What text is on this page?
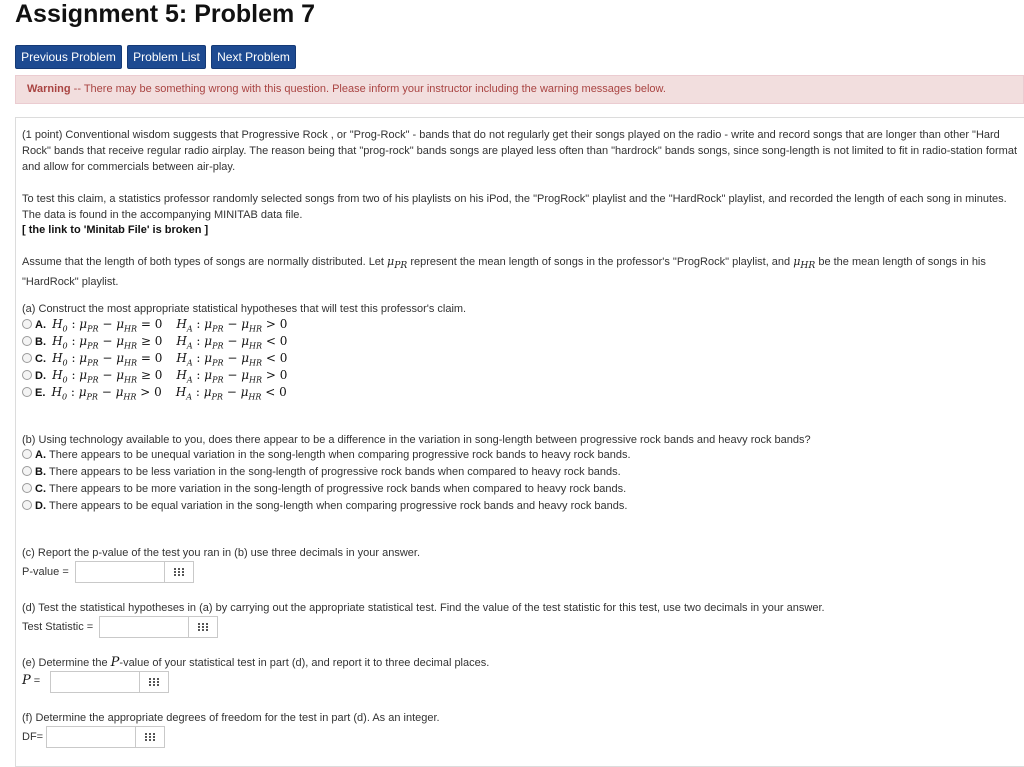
Assignment 5: Problem 7
Previous Problem	Problem List	Next Problem
Warning -- There may be something wrong with this question. Please inform your instructor including the warning messages below.

(1 point) Conventional wisdom suggests that Progressive Rock , or "Prog-Rock" - bands that do not regularly get their songs played on the radio - write and record songs that are longer than other "Hard Rock" bands that receive regular radio airplay. The reason being that "prog-rock" bands songs are played less often than "hardrock" bands songs, since song-length is not limited to fit in radio-station format and allow for commercials between air-play.

To test this claim, a statistics professor randomly selected songs from two of his playlists on his iPod, the "ProgRock" playlist and the "HardRock" playlist, and recorded the length of each song in minutes. The data is found in the accompanying MINITAB data file.

[ the link to 'Minitab File' is broken ]

Assume that the length of both types of songs are normally distributed. Let $\mu_{PR}$ represent the mean length of songs in the professor's "ProgRock" playlist, and $\mu_{HR}$ be the mean length of songs in his "HardRock" playlist.

(a) Construct the most appropriate statistical hypotheses that will test this professor's claim.

A. $H_0$ : $\mu_{PR} - \mu_{HR} = 0$ $H_A$ : $\mu_{PR} - \mu_{HR} > 0$
B. $H_0$ : $\mu_{PR} - \mu_{HR} \ge 0$ $H_A$ : $\mu_{PR} - \mu_{HR} < 0$
C. $H_0$ : $\mu_{PR} - \mu_{HR} = 0$ $H_A$ : $\mu_{PR} - \mu_{HR} < 0$
D. $H_0$ : $\mu_{PR} - \mu_{HR} \ge 0$ $H_A$ : $\mu_{PR} - \mu_{HR} > 0$
E. $H_0$ : $\mu_{PR} - \mu_{HR} > 0$ $H_A$ : $\mu_{PR} - \mu_{HR} < 0$

(b) Using technology available to you, does there appear to be a difference in the variation in song-length between progressive rock bands and heavy rock bands?

A. There appears to be unequal variation in the song-length when comparing progressive rock bands to heavy rock bands.
B. There appears to be less variation in the song-length of progressive rock bands when compared to heavy rock bands.
C. There appears to be more variation in the song-length of progressive rock bands when compared to heavy rock bands.
D. There appears to be equal variation in the song-length when comparing progressive rock bands and heavy rock bands.

(c) Report the p-value of the test you ran in (b) use three decimals in your answer.

P-value =

(d) Test the statistical hypotheses in (a) by carrying out the appropriate statistical test. Find the value of the test statistic for this test, use two decimals in your answer.

Test Statistic =

(e) Determine the P-value of your statistical test in part (d), and report it to three decimal places.

P =

(f) Determine the appropriate degrees of freedom for the test in part (d). As an integer.

DF=
